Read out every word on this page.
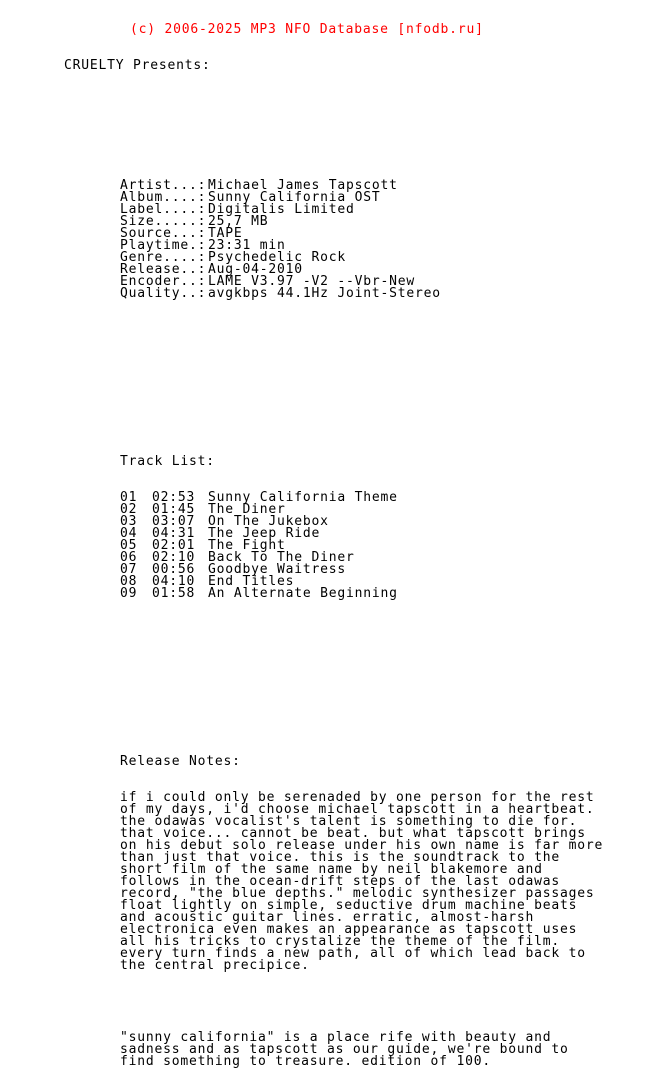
(c) 2006-2025 MP3 NFO Database [nfodb.ru]

CRUELTY Presents:

Artist...: Michael James Tapscott
Album....: Sunny California OST
Label....: Digitalis Limited
Size.....: 25,7 MB
Source...: TAPE
Playtime.: 23:31 min
Genre....: Psychedelic Rock
Release..: Aug-04-2010
Encoder..: LAME V3.97 -V2 --Vbr-New
Quality..: avgkbps 44.1Hz Joint-Stereo

Track List:

01 02:53 Sunny California Theme
02 01:45 The Diner
03 03:07 On The Jukebox
04 04:31 The Jeep Ride
05 02:01 The Fight
06 02:10 Back To The Diner
07 00:56 Goodbye Waitress
08 04:10 End Titles
09 01:58 An Alternate Beginning

Release Notes:

if i could only be serenaded by one person for the rest
of my days, i'd choose michael tapscott in a heartbeat.
the odawas vocalist's talent is something to die for.
that voice... cannot be beat. but what tapscott brings
on his debut solo release under his own name is far more
than just that voice. this is the soundtrack to the
short film of the same name by neil blakemore and
follows in the ocean-drift steps of the last odawas
record, "the blue depths." melodic synthesizer passages
float lightly on simple, seductive drum machine beats
and acoustic guitar lines. erratic, almost-harsh
electronica even makes an appearance as tapscott uses
all his tricks to crystalize the theme of the film.
every turn finds a new path, all of which lead back to
the central precipice.

"sunny california" is a place rife with beauty and
sadness and as tapscott as our guide, we're bound to
find something to treasure. edition of 100.
